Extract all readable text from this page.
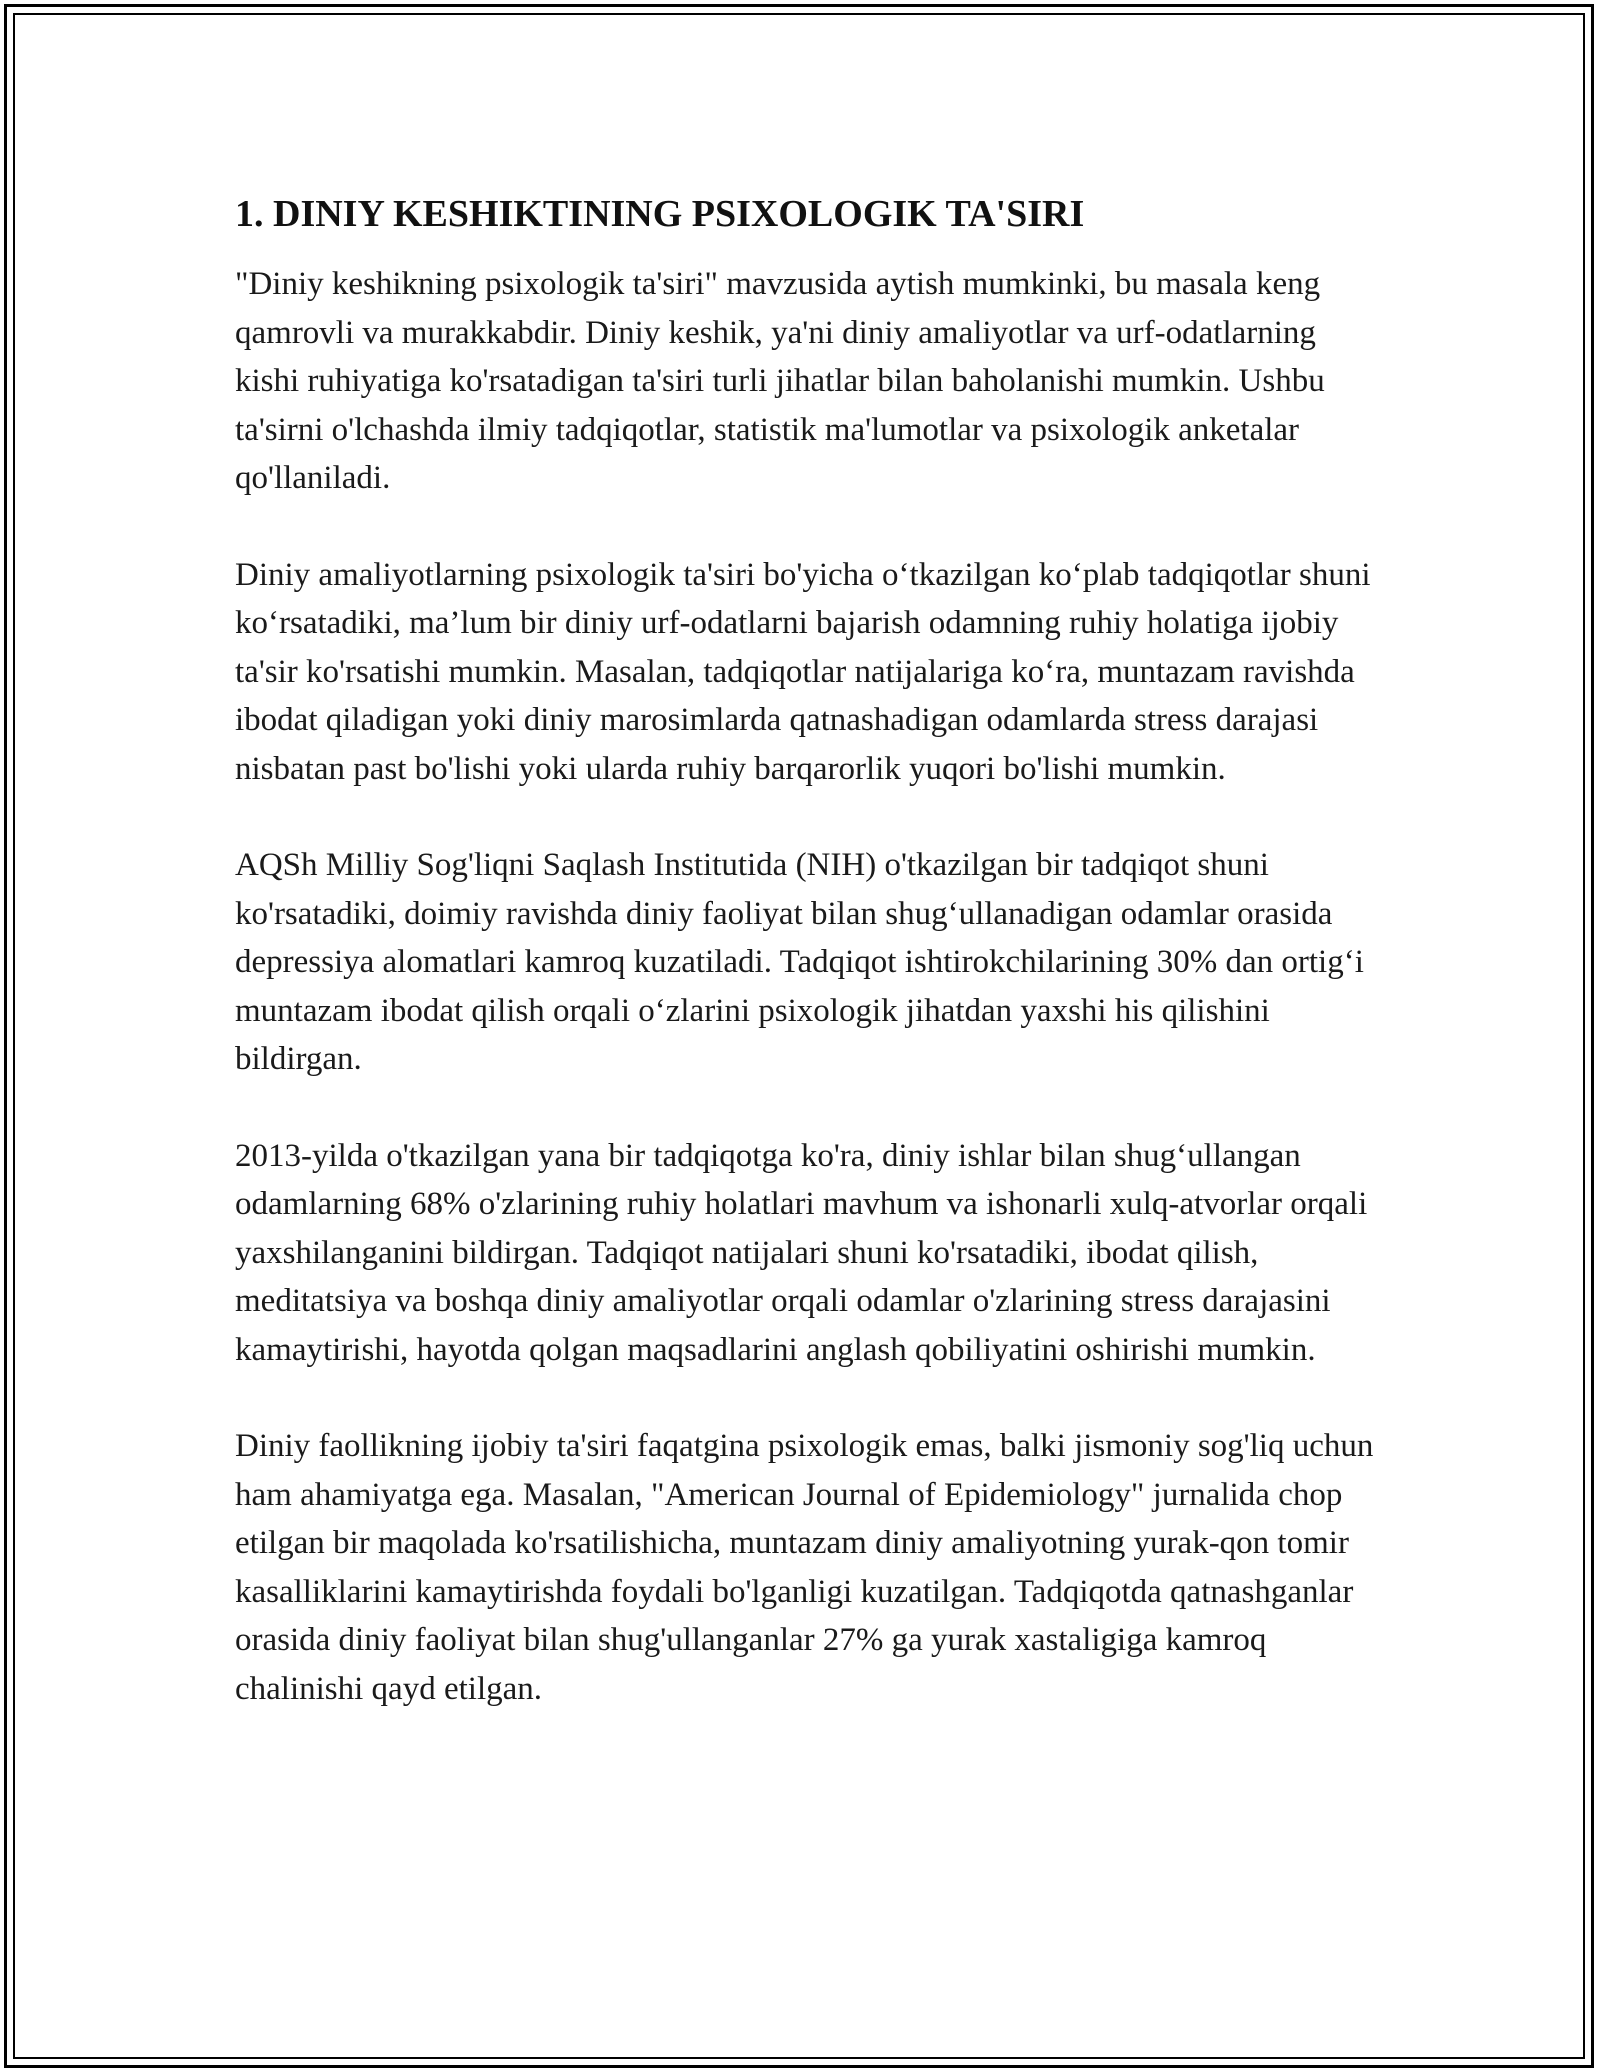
1. DINIY KESHIKTINING PSIXOLOGIK TA'SIRI

"Diniy keshikning psixologik ta'siri" mavzusida aytish mumkinki, bu masala keng qamrovli va murakkabdir. Diniy keshik, ya'ni diniy amaliyotlar va urf-odatlarning kishi ruhiyatiga ko'rsatadigan ta'siri turli jihatlar bilan baholanishi mumkin. Ushbu ta'sirni o'lchashda ilmiy tadqiqotlar, statistik ma'lumotlar va psixologik anketalar qo'llaniladi.

Diniy amaliyotlarning psixologik ta'siri bo'yicha o‘tkazilgan ko‘plab tadqiqotlar shuni ko‘rsatadiki, ma’lum bir diniy urf-odatlarni bajarish odamning ruhiy holatiga ijobiy ta'sir ko'rsatishi mumkin. Masalan, tadqiqotlar natijalariga ko‘ra, muntazam ravishda ibodat qiladigan yoki diniy marosimlarda qatnashadigan odamlarda stress darajasi nisbatan past bo'lishi yoki ularda ruhiy barqarorlik yuqori bo'lishi mumkin.

AQSh Milliy Sog'liqni Saqlash Institutida (NIH) o'tkazilgan bir tadqiqot shuni ko'rsatadiki, doimiy ravishda diniy faoliyat bilan shug‘ullanadigan odamlar orasida depressiya alomatlari kamroq kuzatiladi. Tadqiqot ishtirokchilarining 30% dan ortig‘i muntazam ibodat qilish orqali o‘zlarini psixologik jihatdan yaxshi his qilishini bildirgan.

2013-yilda o'tkazilgan yana bir tadqiqotga ko'ra, diniy ishlar bilan shug‘ullangan odamlarning 68% o'zlarining ruhiy holatlari mavhum va ishonarli xulq-atvorlar orqali yaxshilanganini bildirgan. Tadqiqot natijalari shuni ko'rsatadiki, ibodat qilish, meditatsiya va boshqa diniy amaliyotlar orqali odamlar o'zlarining stress darajasini kamaytirishi, hayotda qolgan maqsadlarini anglash qobiliyatini oshirishi mumkin.

Diniy faollikning ijobiy ta'siri faqatgina psixologik emas, balki jismoniy sog'liq uchun ham ahamiyatga ega. Masalan, "American Journal of Epidemiology" jurnalida chop etilgan bir maqolada ko'rsatilishicha, muntazam diniy amaliyotning yurak-qon tomir kasalliklarini kamaytirishda foydali bo'lganligi kuzatilgan. Tadqiqotda qatnashganlar orasida diniy faoliyat bilan shug'ullanganlar 27% ga yurak xastaligiga kamroq chalinishi qayd etilgan.
